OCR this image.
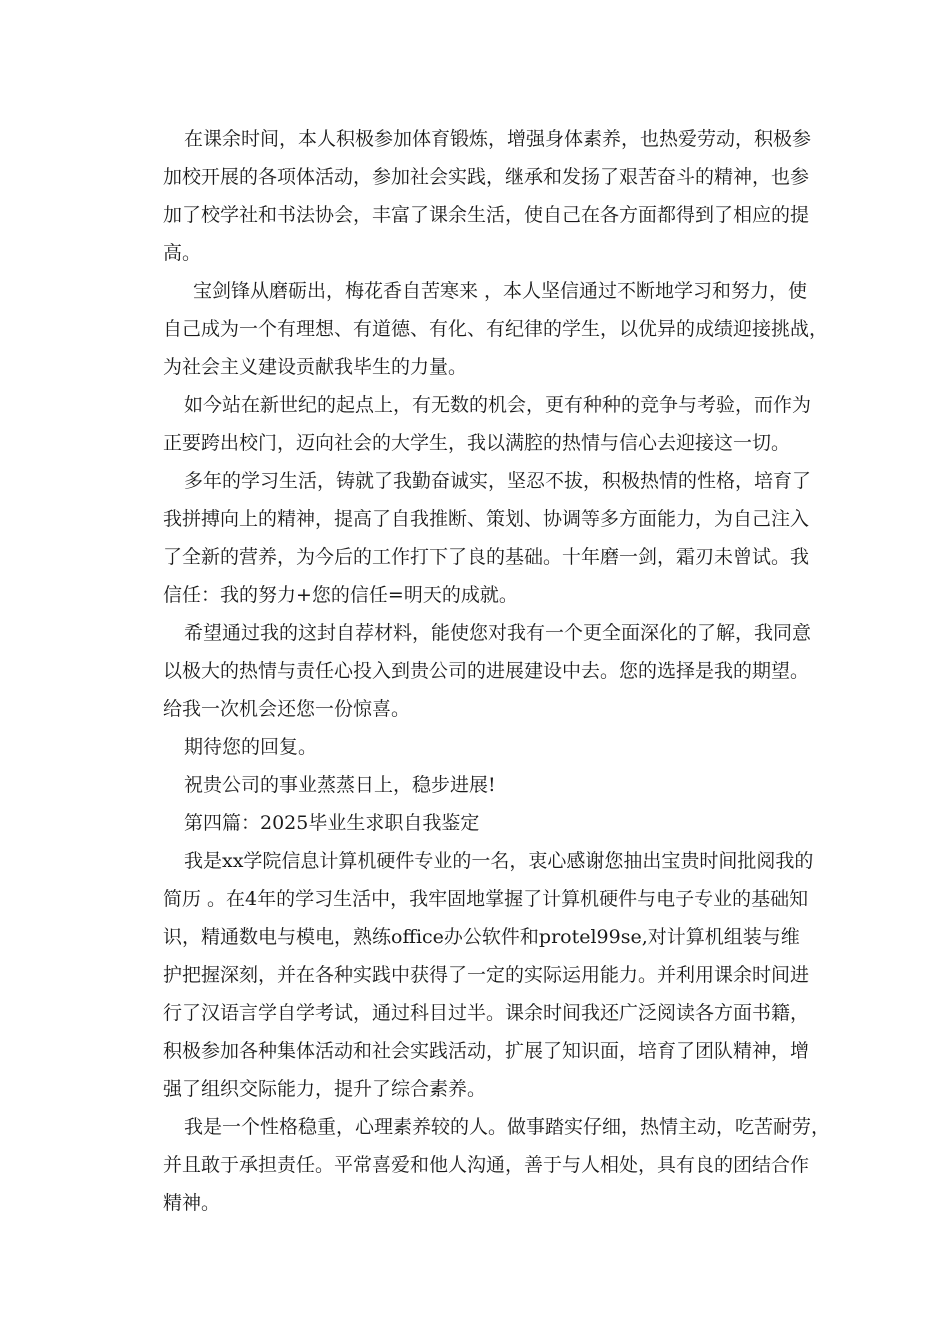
在课余时间，本人积极参加体育锻炼，增强身体素养，也热爱劳动，积极参
加校开展的各项体活动，参加社会实践，继承和发扬了艰苦奋斗的精神，也参
加了校学社和书法协会，丰富了课余生活，使自己在各方面都得到了相应的提
高。
宝剑锋从磨砺出，梅花香自苦寒来 ，本人坚信通过不断地学习和努力，使
自己成为一个有理想、有道德、有化、有纪律的学生，以优异的成绩迎接挑战，
为社会主义建设贡献我毕生的力量。
如今站在新世纪的起点上，有无数的机会，更有种种的竞争与考验，而作为
正要跨出校门，迈向社会的大学生，我以满腔的热情与信心去迎接这一切。
多年的学习生活，铸就了我勤奋诚实，坚忍不拔，积极热情的性格，培育了
我拼搏向上的精神，提高了自我推断、策划、协调等多方面能力，为自己注入
了全新的营养，为今后的工作打下了良的基础。十年磨一剑，霜刃未曾试。我
信任：我的努力+您的信任=明天的成就。
希望通过我的这封自荐材料，能使您对我有一个更全面深化的了解，我同意
以极大的热情与责任心投入到贵公司的进展建设中去。您的选择是我的期望。
给我一次机会还您一份惊喜。
期待您的回复。
祝贵公司的事业蒸蒸日上，稳步进展!
第四篇：2025毕业生求职自我鉴定
我是xx学院信息计算机硬件专业的一名，衷心感谢您抽出宝贵时间批阅我的
简历 。在4年的学习生活中，我牢固地掌握了计算机硬件与电子专业的基础知
识，精通数电与模电，熟练office办公软件和protel99se,对计算机组装与维
护把握深刻，并在各种实践中获得了一定的实际运用能力。并利用课余时间进
行了汉语言学自学考试，通过科目过半。课余时间我还广泛阅读各方面书籍，
积极参加各种集体活动和社会实践活动，扩展了知识面，培育了团队精神，增
强了组织交际能力，提升了综合素养。
我是一个性格稳重，心理素养较的人。做事踏实仔细，热情主动，吃苦耐劳，
并且敢于承担责任。平常喜爱和他人沟通，善于与人相处，具有良的团结合作
精神。
